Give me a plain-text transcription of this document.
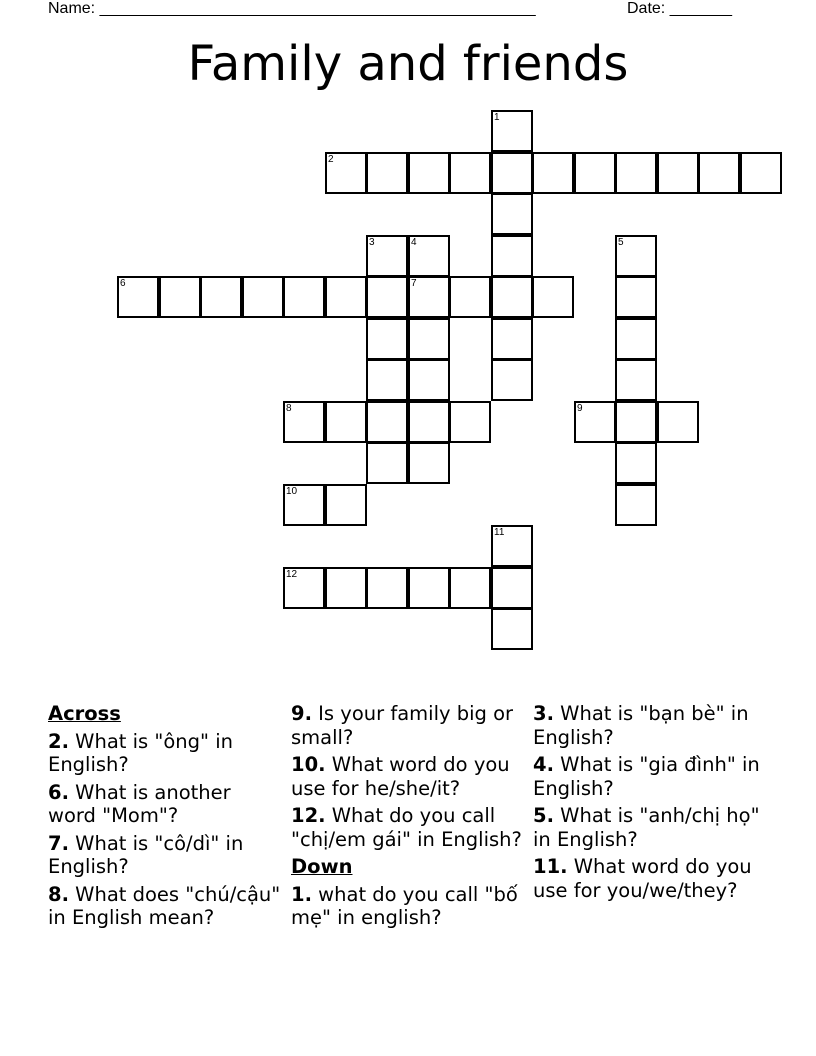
Name: _________________________________________________	Date: _______
Family and friends
1
2
3	4	5
6	7
8	9
10
11
12
Across
2. What is "ông" in English?
6. What is another word "Mom"?
7. What is "cô/dì" in English?
8. What does "chú/cậu" in English mean?
9. Is your family big or small?
10. What word do you use for he/she/it?
12. What do you call "chị/em gái" in English?
Down
1. what do you call "bố mẹ" in english?
3. What is "bạn bè" in English?
4. What is "gia đình" in English?
5. What is "anh/chị họ" in English?
11. What word do you use for you/we/they?
